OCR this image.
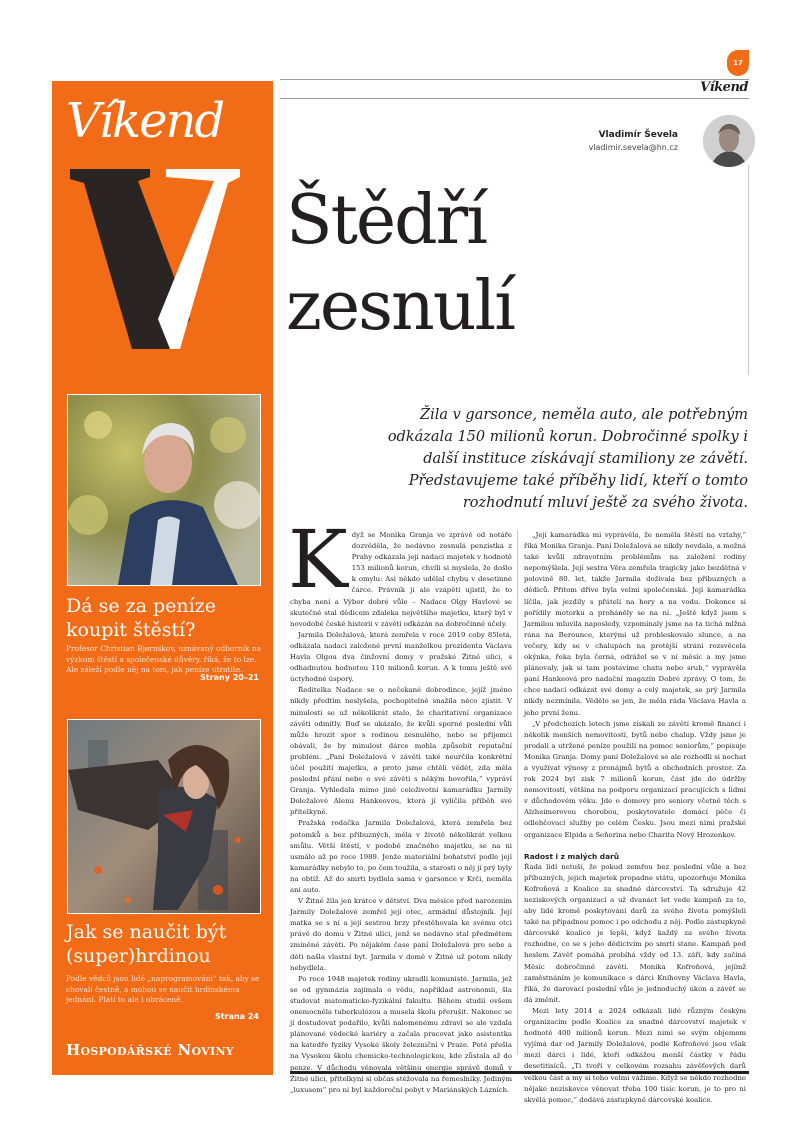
17
Víkend
Víkend
Dá se za peníze koupit štěstí?
Profesor Christian Bjørnskov, uznávaný odborník na výzkum štěstí a společenské důvěry, říká, že to lze. Ale záleží podle něj na tom, jak peníze utratíte.
Strany 20–21
Jak se naučit být (super)hrdinou
Podle vědců jsou lidé „naprogramováni“ tak, aby se chovali čestně, a mohou se naučit hrdinskému jednání. Platí to ale i obráceně.
Strana 24
Hospodářské Noviny
Vladimír Ševela
vladimir.sevela@hn.cz
Štědří
zesnulí
Žila v garsonce, neměla auto, ale potřebným odkázala 150 milionů korun. Dobročinné spolky i další instituce získávají stamiliony ze závětí. Představujeme také příběhy lidí, kteří o tomto rozhodnutí mluví ještě za svého života.

Když se Monika Granja ve zprávě od notáře dozvěděla, že nedávno zesnulá penzistka z Prahy odkázala její nadaci majetek v hodnotě 153 milionů korun, chvíli si myslela, že došlo k omylu: Asi někdo udělal chybu v desetinné čárce. Právník ji ale vzápětí ujistil, že to chyba není a Výbor dobré vůle – Nadace Olgy Havlové se skutečně stal dědicem zdaleka největšího majetku, který byl v novodobé české historii v závěti odkázán na dobročinné účely.

Jarmila Doležalová, která zemřela v roce 2019 coby 85letá, odkázala nadaci založené první manželkou prezidenta Václava Havla Olgou dva činžovní domy v pražské Žitné ulici, s odhadnutou hodnotou 110 milionů korun. A k tomu ještě své úctyhodné úspory.

Ředitelka Nadace se o nečekané dobrodince, jejíž jméno nikdy předtím neslyšela, pochopitelně snažila něco zjistit. V minulosti se už několikrát stalo, že charitativní organizace závěti odmítly. Buď se ukázalo, že kvůli sporné poslední vůli může hrozit spor s rodinou zesnulého, nebo se příjemci obávali, že by minulost dárce mohla způsobit reputační problém. „Paní Doležalová v závěti také neurčila konkrétní účel použití majetku, a proto jsme chtěli vědět, zda měla poslední přání nebo o své závěti s někým hovořila,“ vypráví Granja. Vyhledala mimo jiné celoživotní kamarádku Jarmily Doležalové Alenu Hankeovou, která jí vylíčila příběh své přítelkyně.

Pražská rodačka Jarmila Doležalová, která zemřela bez potomků a bez příbuzných, měla v životě několikrát velkou smůlu. Větší štěstí, v podobě značného majetku, se na ni usmálo až po roce 1989. Jenže materiální bohatství podle její kamarádky nebylo to, po čem toužila, a starosti o něj jí prý byly na obtíž. Až do smrti bydlela sama v garsonce v Krči, neměla ani auto.

V Žitné žila jen krátce v dětství. Dva měsíce před narozením Jarmily Doležalové zemřel její otec, armádní důstojník. Její matka se s ní a její sestrou brzy přestěhovala ke svému otci právě do domu v Žitné ulici, jenž se nedávno stal předmětem zmíněné závěti. Po nějakém čase paní Doležalová pro sebe a děti našla vlastní byt. Jarmila v domě v Žitné už potom nikdy nebydlela.

Po roce 1948 majetek rodiny ukradli komunisté. Jarmila, jež se od gymnázia zajímala o vědu, například astronomii, šla studovat matematicko-fyzikální fakultu. Během studií ovšem onemocněla tuberkulózou a musela školu přerušit. Nakonec se jí dostudovat podařilo, kvůli nalomenému zdraví se ale vzdala plánované vědecké kariéry a začala pracovat jako asistentka na katedře fyziky Vysoké školy železniční v Praze. Poté přešla na Vysokou školu chemicko-technologickou, kde zůstala až do penze. V důchodu věnovala většinu energie správě domů v Žitné ulici, přítelkyni si občas stěžovala na řemeslníky. Jediným „luxusem“ pro ni byl každoroční pobyt v Mariánských Lázních.

„Její kamarádka mi vyprávěla, že neměla štěstí na vztahy,“ říká Monika Granja. Paní Doležalová se nikdy nevdala, a možná také kvůli zdravotním problémům na založení rodiny nepomýšlela. Její sestra Věra zemřela tragicky jako bezdětná v polovině 80. let, takže Jarmila dožívala bez příbuzných a dědiců. Přitom dříve byla velmi společenská. Její kamarádka líčila, jak jezdily s přáteli na hory a na vodu. Dokonce si pořídily motorku a proháněly se na ní. „Ještě když jsem s Jarmilou mluvila naposledy, vzpomínaly jsme na ta tichá mlžná rána na Berounce, kterými už probleskovalo slunce, a na večery, kdy se v chalupách na protější stráni rozsvěcela okýnka, řeka byla černá, odrážel se v ní měsíc a my jsme plánovaly, jak si tam postavíme chatu nebo srub,“ vyprávěla paní Hankeová pro nadační magazín Dobré zprávy. O tom, že chce nadaci odkázat své domy a celý majetek, se prý Jarmila nikdy nezmínila. Vědělo se jen, že měla ráda Václava Havla a jeho první ženu.

„V předchozích letech jsme získali ze závětí kromě financí i několik menších nemovitostí, bytů nebo chalup. Vždy jsme je prodali a utržené peníze použili na pomoc seniorům,“ popisuje Monika Granja. Domy paní Doležalové se ale rozhodli si nechat a využívat výnosy z pronájmů bytů a obchodních prostor. Za rok 2024 byl zisk 7 milionů korun, část jde do údržby nemovitostí, většina na podporu organizací pracujících s lidmi v důchodovém věku. Jde o domovy pro seniory včetně těch s Alzheimerovou chorobou, poskytovatele domácí péče či odlehčovací služby po celém Česku. Jsou mezi nimi pražské organizace Elpida a Seňorina nebo Charita Nový Hrozenkov.

Radost i z malých darů

Řada lidí netuší, že pokud zemřou bez poslední vůle a bez příbuzných, jejich majetek propadne státu, upozorňuje Monika Kofroňová z Koalice za snadné dárcovství. Ta sdružuje 42 neziskových organizací a už dvanáct let vede kampaň za to, aby lidé kromě poskytování darů za svého života pomýšleli také na případnou pomoc i po odchodu z něj. Podle zástupkyně dárcovské koalice je lepší, když každý za svého života rozhodne, co se s jeho dědictvím po smrti stane. Kampaň pod heslem Závěť pomáhá probíhá vždy od 13. září, kdy začíná Měsíc dobročinné závěti. Monika Kofroňová, jejímž zaměstnáním je komunikace s dárci Knihovny Václava Havla, říká, že darovací poslední vůle je jednoduchý úkon a závěť se dá změnit.

Mezi lety 2014 a 2024 odkázali lidé různým českým organizacím podle Koalice za snadné dárcovství majetek v hodnotě 400 milionů korun. Mezi nimi se svým objemem vyjímá dar od Jarmily Doležalové, podle Kofroňové jsou však mezi dárci i lidé, kteří odkážou menší částky v řádu desetitisíců. „Ti tvoří v celkovém rozsahu závěťových darů velkou část a my si toho velmi vážíme. Když se někdo rozhodne nějaké neziskovce věnovat třeba 100 tisíc korun, je to pro ni skvělá pomoc,“ dodává zástupkyně dárcovské koalice.
